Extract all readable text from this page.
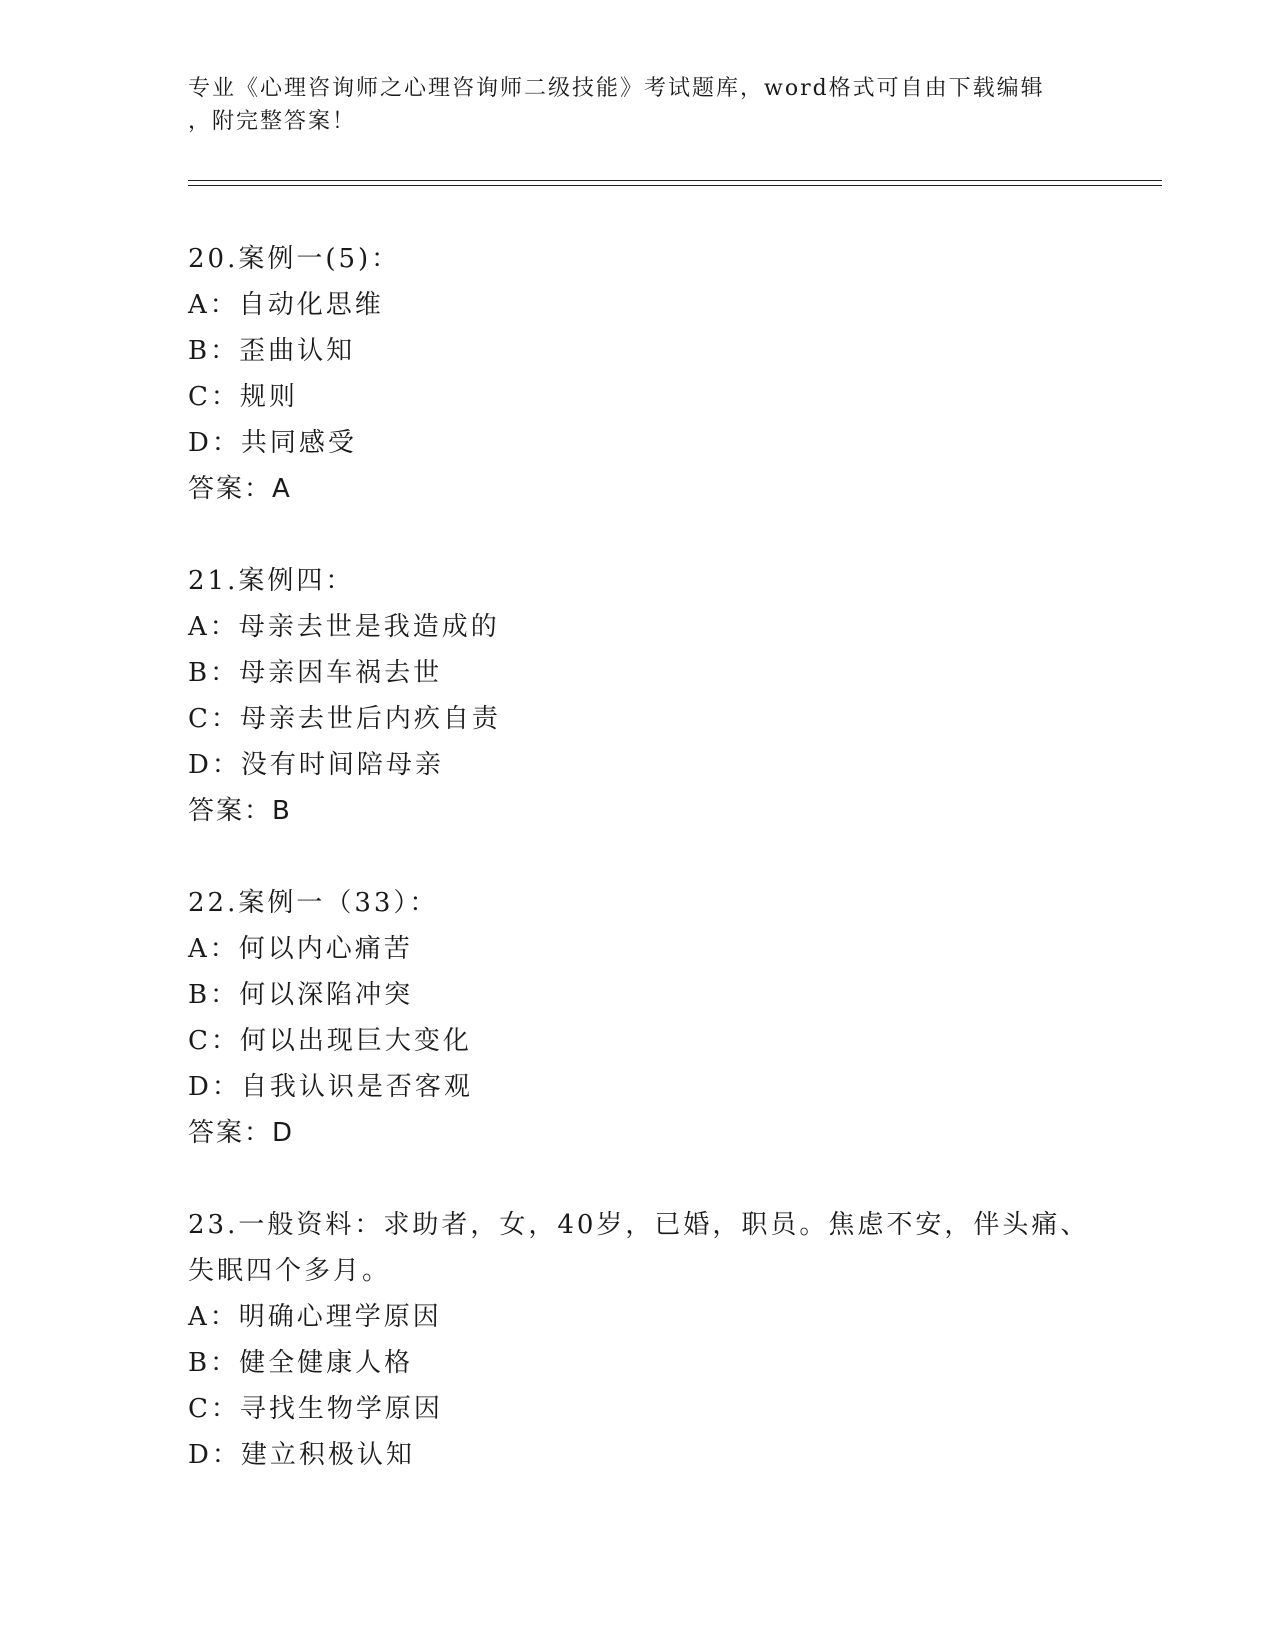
专业《心理咨询师之心理咨询师二级技能》考试题库，word格式可自由下载编辑
，附完整答案！
20.案例一(5)：
A：自动化思维
B：歪曲认知
C：规则
D：共同感受
答案：A
21.案例四：
A：母亲去世是我造成的
B：母亲因车祸去世
C：母亲去世后内疚自责
D：没有时间陪母亲
答案：B
22.案例一（33）：
A：何以内心痛苦
B：何以深陷冲突
C：何以出现巨大变化
D：自我认识是否客观
答案：D
23.一般资料：求助者，女，40岁，已婚，职员。焦虑不安，伴头痛、
失眠四个多月。
A：明确心理学原因
B：健全健康人格
C：寻找生物学原因
D：建立积极认知
